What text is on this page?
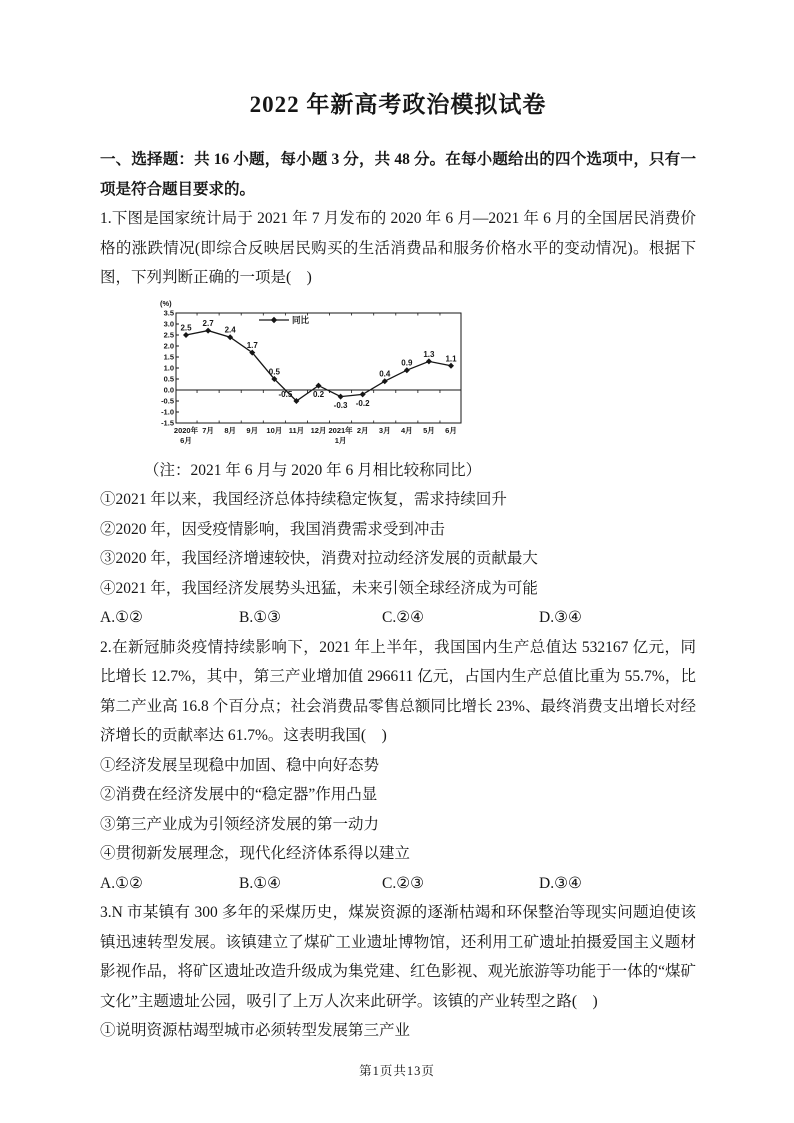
2022 年新高考政治模拟试卷

一、选择题：共 16 小题，每小题 3 分，共 48 分。在每小题给出的四个选项中，只有一项是符合题目要求的。

1.下图是国家统计局于 2021 年 7 月发布的 2020 年 6 月—2021 年 6 月的全国居民消费价格的涨跌情况(即综合反映居民购买的生活消费品和服务价格水平的变动情况)。根据下图，下列判断正确的一项是(　)

(%)
3.5
3.0
2.5
2.0
1.5
1.0
0.5
0.0
-0.5
-1.0
-1.5
同比
2.5 2.7
2.4
1.7
0.5
-0.5	0.2
-0.3 -0.2
0.4
0.9
1.3 1.1
2020年
6月
7月 8月 9月 10月 11月 12月 2021年
1月
2月 3月 4月 5月 6月

（注：2021 年 6 月与 2020 年 6 月相比较称同比）

①2021 年以来，我国经济总体持续稳定恢复，需求持续回升

②2020 年，因受疫情影响，我国消费需求受到冲击

③2020 年，我国经济增速较快，消费对拉动经济发展的贡献最大

④2021 年，我国经济发展势头迅猛，未来引领全球经济成为可能

A.①②	B.①③	C.②④	D.③④

2.在新冠肺炎疫情持续影响下，2021 年上半年，我国国内生产总值达 532167 亿元，同比增长 12.7%，其中，第三产业增加值 296611 亿元，占国内生产总值比重为 55.7%，比第二产业高 16.8 个百分点；社会消费品零售总额同比增长 23%、最终消费支出增长对经济增长的贡献率达 61.7%。这表明我国(　)

①经济发展呈现稳中加固、稳中向好态势

②消费在经济发展中的“稳定器”作用凸显

③第三产业成为引领经济发展的第一动力

④贯彻新发展理念，现代化经济体系得以建立

A.①②	B.①④	C.②③	D.③④

3.N 市某镇有 300 多年的采煤历史，煤炭资源的逐渐枯竭和环保整治等现实问题迫使该镇迅速转型发展。该镇建立了煤矿工业遗址博物馆，还利用工矿遗址拍摄爱国主义题材影视作品，将矿区遗址改造升级成为集党建、红色影视、观光旅游等功能于一体的“煤矿文化”主题遗址公园，吸引了上万人次来此研学。该镇的产业转型之路(　)

①说明资源枯竭型城市必须转型发展第三产业

第1页共13页
